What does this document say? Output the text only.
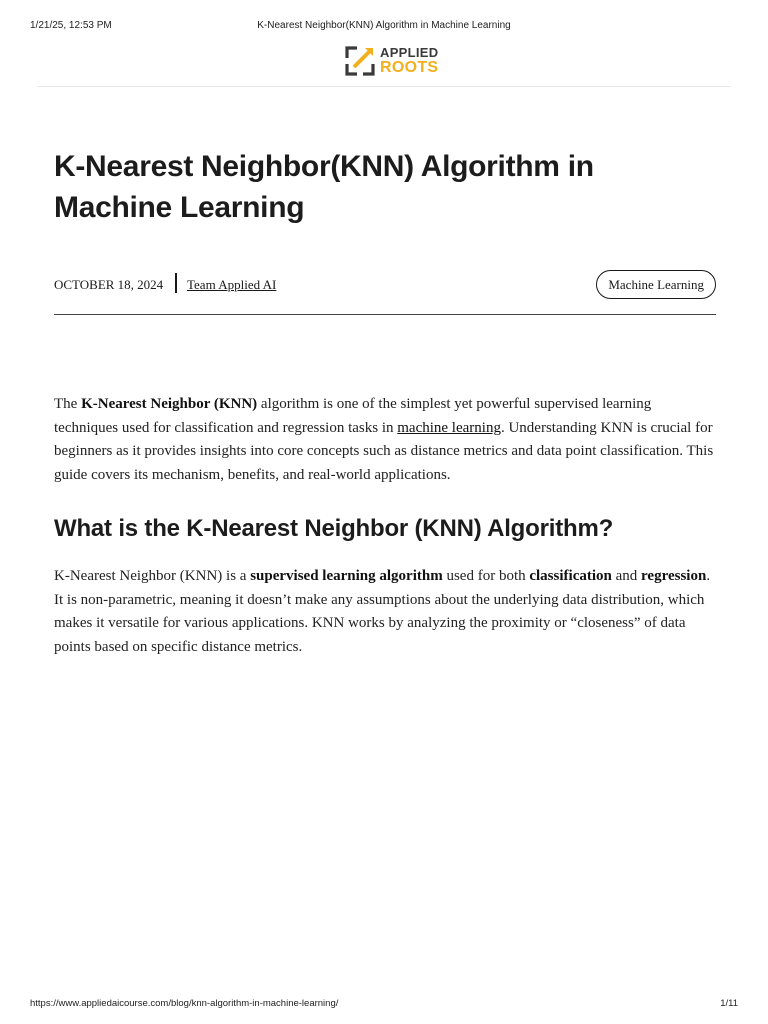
1/21/25, 12:53 PM	K-Nearest Neighbor(KNN) Algorithm in Machine Learning
APPLIED
ROOTS
K-Nearest Neighbor(KNN) Algorithm in Machine Learning
OCTOBER 18, 2024 Team Applied AI	Machine Learning

The K-Nearest Neighbor (KNN) algorithm is one of the simplest yet powerful supervised learning techniques used for classification and regression tasks in machine learning. Understanding KNN is crucial for beginners as it provides insights into core concepts such as distance metrics and data point classification. This guide covers its mechanism, benefits, and real-world applications.

What is the K-Nearest Neighbor (KNN) Algorithm?

K-Nearest Neighbor (KNN) is a supervised learning algorithm used for both classification and regression. It is non-parametric, meaning it doesn’t make any assumptions about the underlying data distribution, which makes it versatile for various applications. KNN works by analyzing the proximity or “closeness” of data points based on specific distance metrics.

https://www.appliedaicourse.com/blog/knn-algorithm-in-machine-learning/	1/11
